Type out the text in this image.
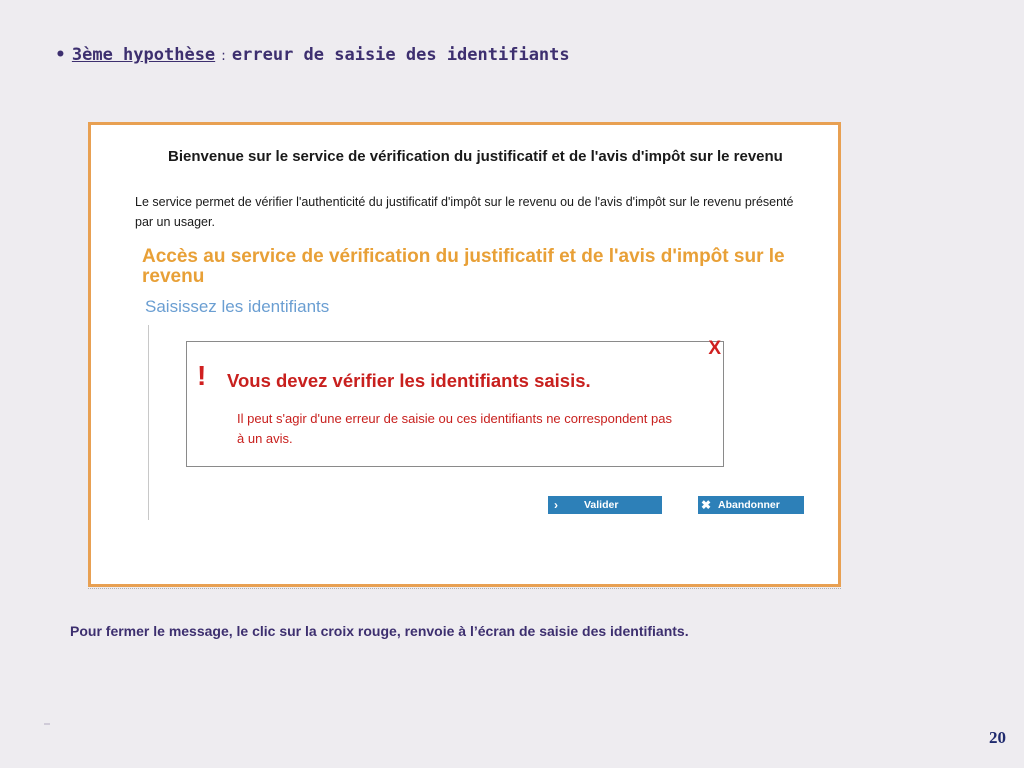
• 3ème hypothèse : erreur de saisie des identifiants
Bienvenue sur le service de vérification du justificatif et de l'avis d'impôt sur le revenu
Le service permet de vérifier l'authenticité du justificatif d'impôt sur le revenu ou de l'avis d'impôt sur le revenu présenté par un usager.
Accès au service de vérification du justificatif et de l'avis d'impôt sur le revenu
Saisissez les identifiants
X
! Vous devez vérifier les identifiants saisis.
Il peut s'agir d'une erreur de saisie ou ces identifiants ne correspondent pas à un avis.
›	Valider	✖ Abandonner
Pour fermer le message, le clic sur la croix rouge, renvoie à l’écran de saisie des identifiants.
20
